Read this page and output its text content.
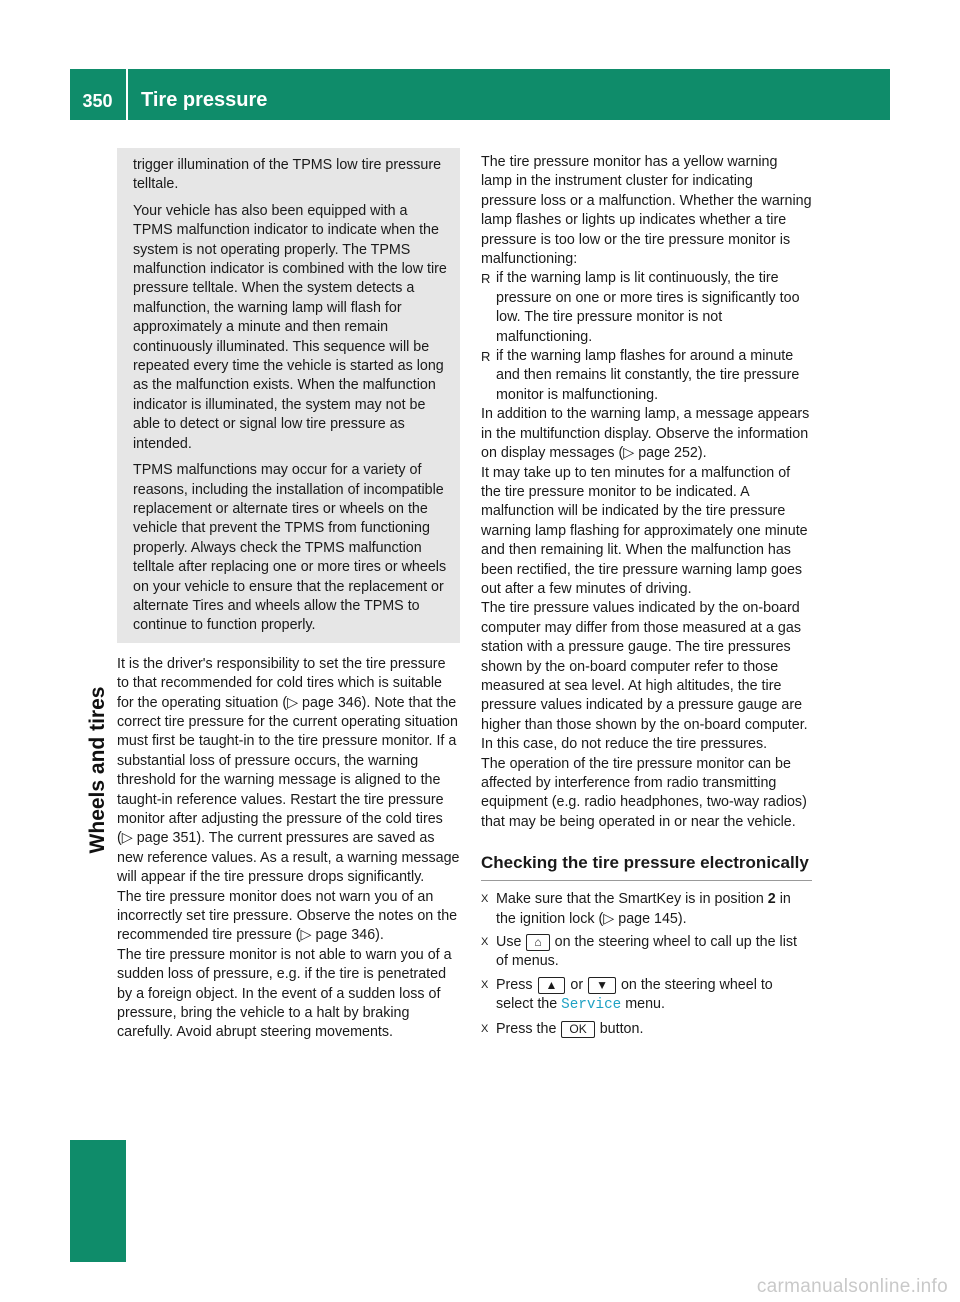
350	Tire pressure
Wheels and tires

trigger illumination of the TPMS low tire pressure telltale.

Your vehicle has also been equipped with a TPMS malfunction indicator to indicate when the system is not operating properly. The TPMS malfunction indicator is combined with the low tire pressure telltale. When the system detects a malfunction, the warning lamp will flash for approximately a minute and then remain continuously illuminated. This sequence will be repeated every time the vehicle is started as long as the malfunction exists. When the malfunction indicator is illuminated, the system may not be able to detect or signal low tire pressure as intended.

TPMS malfunctions may occur for a variety of reasons, including the installation of incompatible replacement or alternate tires or wheels on the vehicle that prevent the TPMS from functioning properly. Always check the TPMS malfunction telltale after replacing one or more tires or wheels on your vehicle to ensure that the replacement or alternate Tires and wheels allow the TPMS to continue to function properly.

It is the driver's responsibility to set the tire pressure to that recommended for cold tires which is suitable for the operating situation (▷ page 346). Note that the correct tire pressure for the current operating situation must first be taught-in to the tire pressure monitor. If a substantial loss of pressure occurs, the warning threshold for the warning message is aligned to the taught-in reference values. Restart the tire pressure monitor after adjusting the pressure of the cold tires (▷ page 351). The current pressures are saved as new reference values. As a result, a warning message will appear if the tire pressure drops significantly.

The tire pressure monitor does not warn you of an incorrectly set tire pressure. Observe the notes on the recommended tire pressure (▷ page 346).

The tire pressure monitor is not able to warn you of a sudden loss of pressure, e.g. if the tire is penetrated by a foreign object. In the event of a sudden loss of pressure, bring the vehicle to a halt by braking carefully. Avoid abrupt steering movements.

The tire pressure monitor has a yellow warning lamp in the instrument cluster for indicating pressure loss or a malfunction. Whether the warning lamp flashes or lights up indicates whether a tire pressure is too low or the tire pressure monitor is malfunctioning:

R if the warning lamp is lit continuously, the tire pressure on one or more tires is significantly too low. The tire pressure monitor is not malfunctioning.
R if the warning lamp flashes for around a minute and then remains lit constantly, the tire pressure monitor is malfunctioning.

In addition to the warning lamp, a message appears in the multifunction display. Observe the information on display messages (▷ page 252).

It may take up to ten minutes for a malfunction of the tire pressure monitor to be indicated. A malfunction will be indicated by the tire pressure warning lamp flashing for approximately one minute and then remaining lit. When the malfunction has been rectified, the tire pressure warning lamp goes out after a few minutes of driving.

The tire pressure values indicated by the on-board computer may differ from those measured at a gas station with a pressure gauge. The tire pressures shown by the on-board computer refer to those measured at sea level. At high altitudes, the tire pressure values indicated by a pressure gauge are higher than those shown by the on-board computer. In this case, do not reduce the tire pressures.

The operation of the tire pressure monitor can be affected by interference from radio transmitting equipment (e.g. radio headphones, two-way radios) that may be being operated in or near the vehicle.

Checking the tire pressure electronically
X Make sure that the SmartKey is in position 2 in the ignition lock (▷ page 145).
X Use ⌂ on the steering wheel to call up the list of menus.
X Press ▲ or ▼ on the steering wheel to select the Service menu.
X Press the OK button.
carmanualsonline.info
